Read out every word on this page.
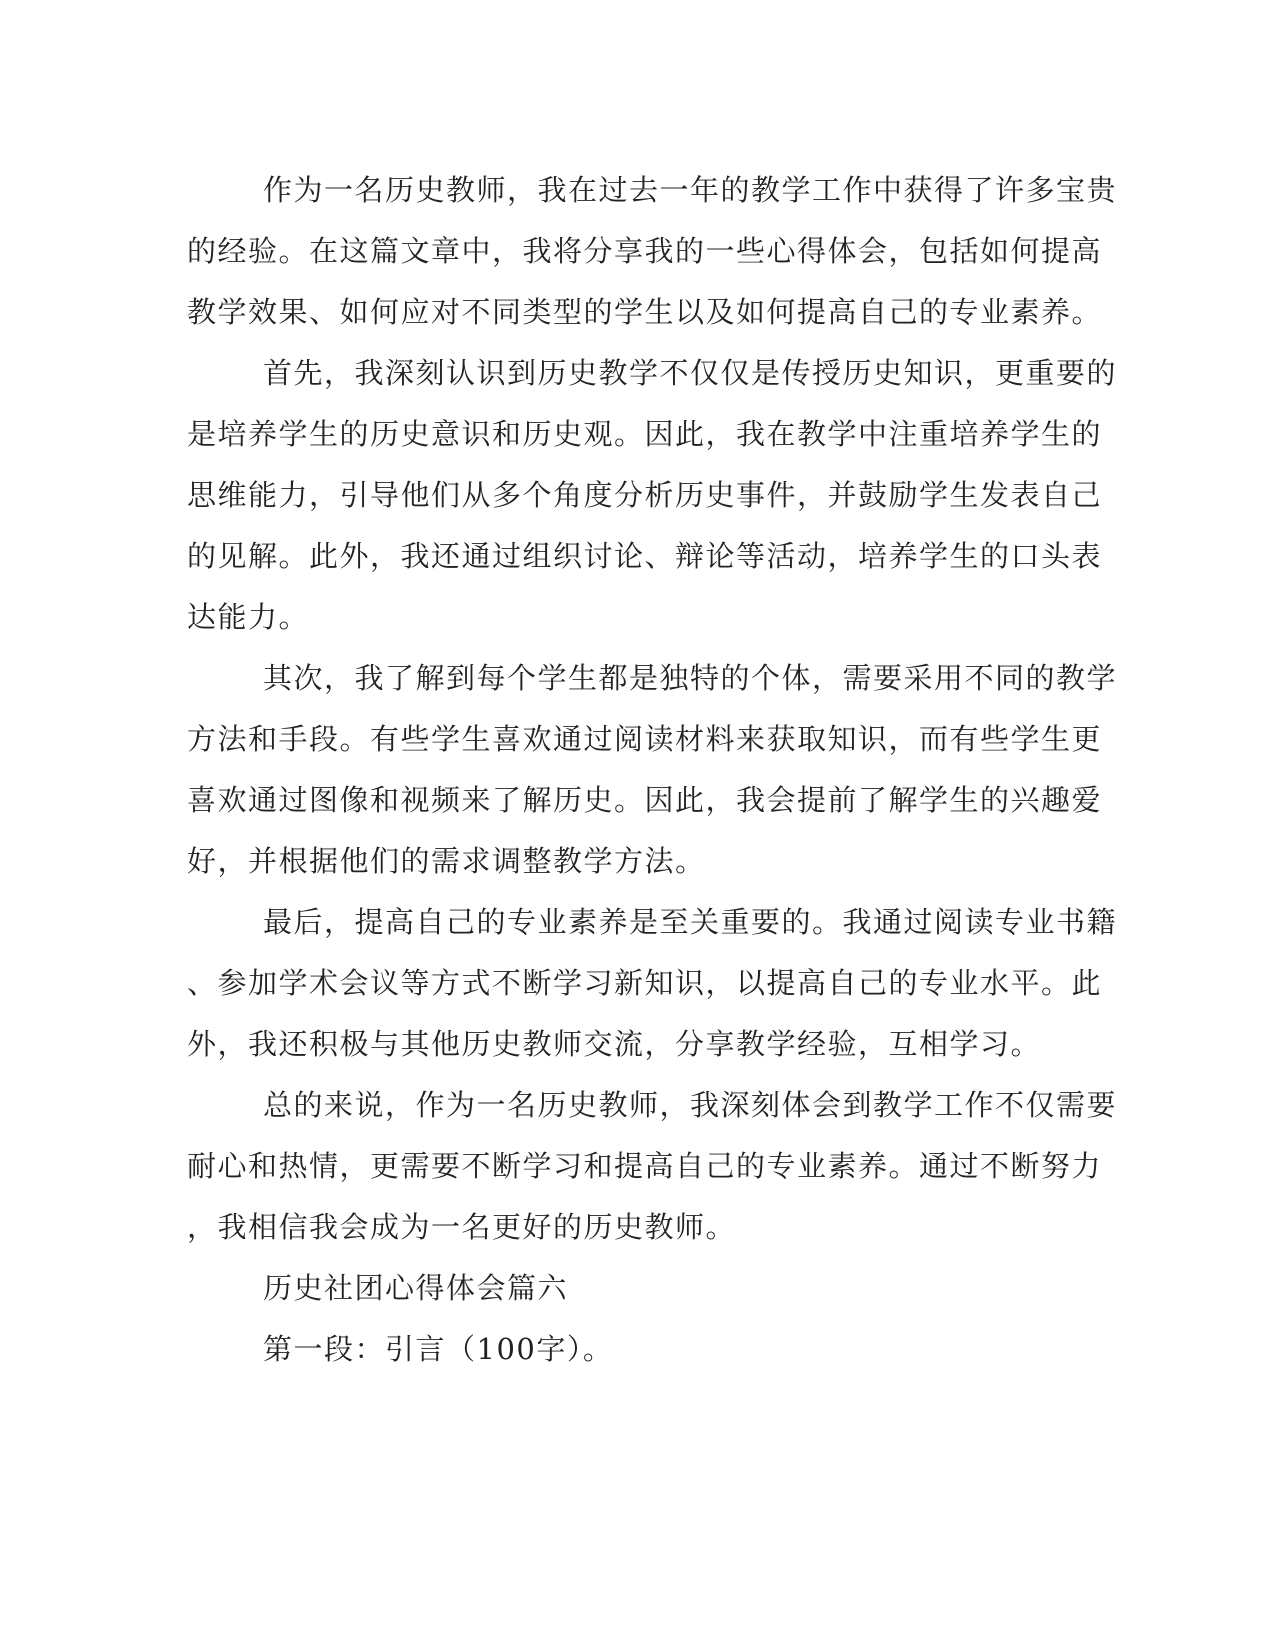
作为一名历史教师，我在过去一年的教学工作中获得了许多宝贵
的经验。在这篇文章中，我将分享我的一些心得体会，包括如何提高
教学效果、如何应对不同类型的学生以及如何提高自己的专业素养。
首先，我深刻认识到历史教学不仅仅是传授历史知识，更重要的
是培养学生的历史意识和历史观。因此，我在教学中注重培养学生的
思维能力，引导他们从多个角度分析历史事件，并鼓励学生发表自己
的见解。此外，我还通过组织讨论、辩论等活动，培养学生的口头表
达能力。
其次，我了解到每个学生都是独特的个体，需要采用不同的教学
方法和手段。有些学生喜欢通过阅读材料来获取知识，而有些学生更
喜欢通过图像和视频来了解历史。因此，我会提前了解学生的兴趣爱
好，并根据他们的需求调整教学方法。
最后，提高自己的专业素养是至关重要的。我通过阅读专业书籍
、参加学术会议等方式不断学习新知识，以提高自己的专业水平。此
外，我还积极与其他历史教师交流，分享教学经验，互相学习。
总的来说，作为一名历史教师，我深刻体会到教学工作不仅需要
耐心和热情，更需要不断学习和提高自己的专业素养。通过不断努力
，我相信我会成为一名更好的历史教师。
历史社团心得体会篇六
第一段：引言（100字）。
